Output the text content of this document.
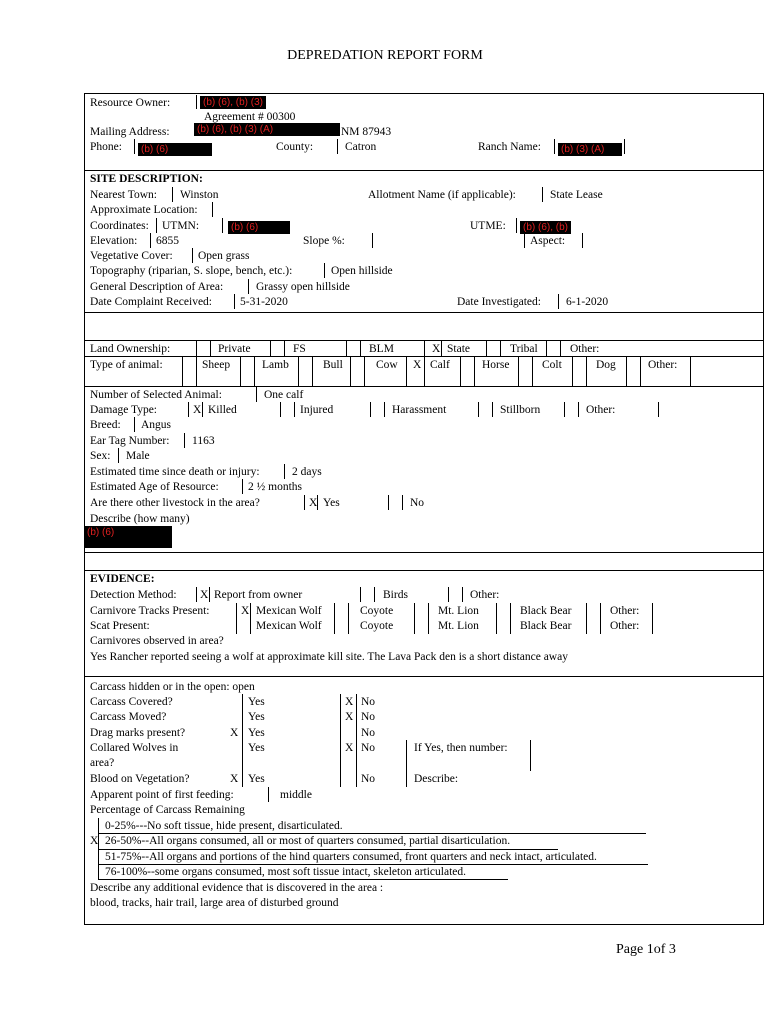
DEPREDATION REPORT FORM
Resource Owner:	(b) (6), (b) (3)
Agreement # 00300
Mailing Address:	(b) (6), (b) (3) (A)	NM 87943
Phone:	(b) (6)	County:	Catron	Ranch Name:	(b) (3) (A)
SITE DESCRIPTION:
Nearest Town: Winston	Allotment Name (if applicable):	State Lease
Approximate Location:
Coordinates: UTMN:	(b) (6)	UTME:	(b) (6), (b)
Elevation: 6855	Slope %:	Aspect:
Vegetative Cover: Open grass
Topography (riparian, S. slope, bench, etc.):	Open hillside
General Description of Area:	Grassy open hillside
Date Complaint Received: 5-31-2020	Date Investigated: 6-1-2020
Land Ownership:	Private	FS	BLM	X State	Tribal	Other:
Type of animal:	Sheep	Lamb	Bull	Cow X Calf	Horse	Colt	Dog	Other:
Number of Selected Animal:	One calf
Damage Type:	X Killed	Injured	Harassment	Stillborn	Other:
Breed: Angus
Ear Tag Number: 1163
Sex: Male
Estimated time since death or injury:	2 days
Estimated Age of Resource:	2 ½ months
Are there other livestock in the area?	X Yes	No
Describe (how many)
(b) (6)
EVIDENCE:
Detection Method: X Report from owner	Birds	Other:
Carnivore Tracks Present:	X Mexican Wolf	Coyote	Mt. Lion	Black Bear	Other:
Scat Present:	Mexican Wolf	Coyote	Mt. Lion	Black Bear	Other:
Carnivores observed in area?
Yes Rancher reported seeing a wolf at approximate kill site. The Lava Pack den is a short distance away
Carcass hidden or in the open: open
Carcass Covered?	Yes	X No
Carcass Moved?	Yes	X No
Drag marks present?	X Yes	No
Collared Wolves in
area?
Yes	X No	If Yes, then number:
Blood on Vegetation?	X Yes	No	Describe:
Apparent point of first feeding:	middle
Percentage of Carcass Remaining
0-25%---No soft tissue, hide present, disarticulated.
X 26-50%--All organs consumed, all or most of quarters consumed, partial disarticulation.
51-75%--All organs and portions of the hind quarters consumed, front quarters and neck intact, articulated.
76-100%--some organs consumed, most soft tissue intact, skeleton articulated.
Describe any additional evidence that is discovered in the area :
blood, tracks, hair trail, large area of disturbed ground
Page 1of 3
